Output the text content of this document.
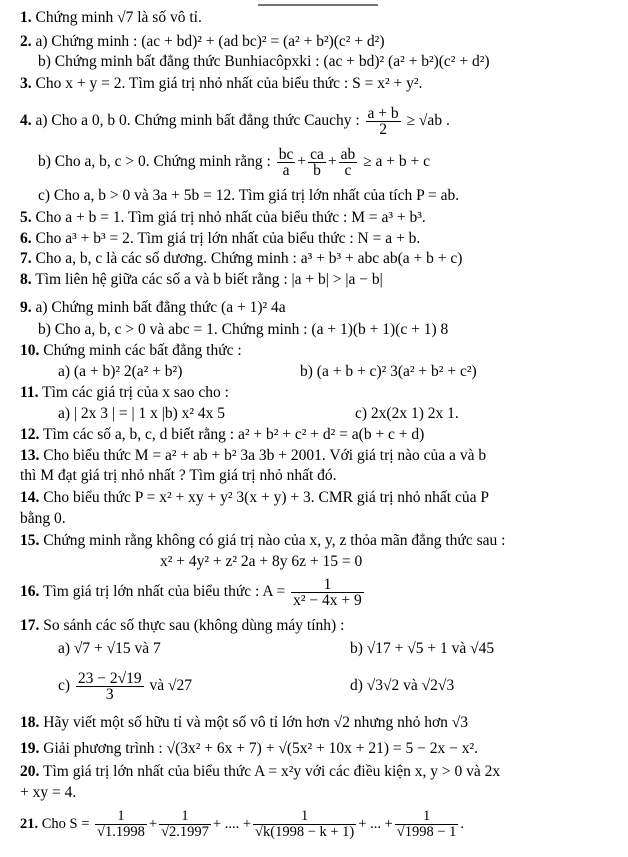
1. Chứng minh √7 là số vô tỉ.
2. a) Chứng minh : (ac + bd)² + (ad bc)² = (a² + b²)(c² + d²)
b) Chứng minh bất đẳng thức Bunhiacôpxki : (ac + bd)² (a² + b²)(c² + d²)
3. Cho x + y = 2. Tìm giá trị nhỏ nhất của biểu thức : S = x² + y².
4. a) Cho a 0, b 0. Chứng minh bất đẳng thức Cauchy : $\frac{a + b}{2} \ge √ab$ .
b) Cho a, b, c > 0. Chứng minh rằng : $\frac{bc}{a} + \frac{ca}{b} + \frac{ab}{c} \ge a + b + c$
c) Cho a, b > 0 và 3a + 5b = 12. Tìm giá trị lớn nhất của tích P = ab.
5. Cho a + b = 1. Tìm giá trị nhỏ nhất của biểu thức : M = a³ + b³.
6. Cho a³ + b³ = 2. Tìm giá trị lớn nhất của biểu thức : N = a + b.
7. Cho a, b, c là các số dương. Chứng minh : a³ + b³ + abc ab(a + b + c)
8. Tìm liên hệ giữa các số a và b biết rằng : |a + b| > |a − b|
9. a) Chứng minh bất đẳng thức (a + 1)² 4a
b) Cho a, b, c > 0 và abc = 1. Chứng minh : (a + 1)(b + 1)(c + 1) 8
10. Chứng minh các bất đẳng thức :
a) (a + b)² 2(a² + b²)	b) (a + b + c)² 3(a² + b² + c²)
11. Tìm các giá trị của x sao cho :
a) | 2x 3 | = | 1 x |b) x² 4x 5	c) 2x(2x 1) 2x 1.
12. Tìm các số a, b, c, d biết rằng : a² + b² + c² + d² = a(b + c + d)
13. Cho biểu thức M = a² + ab + b² 3a 3b + 2001. Với giá trị nào của a và b
thì M đạt giá trị nhỏ nhất ? Tìm giá trị nhỏ nhất đó.
14. Cho biểu thức P = x² + xy + y² 3(x + y) + 3. CMR giá trị nhỏ nhất của P
bằng 0.
15. Chứng minh rằng không có giá trị nào của x, y, z thỏa mãn đẳng thức sau :
x² + 4y² + z² 2a + 8y 6z + 15 = 0
16. Tìm giá trị lớn nhất của biểu thức : $A = \frac{1}{\text{x² − 4x + 9}}$
17. So sánh các số thực sau (không dùng máy tính) :
a) √7 + √15 và 7	b) √17 + √5 + 1 và √45
$c) \frac{23 - 2√19}{3}$ và √27	d) √3√2 và √2√3
18. Hãy viết một số hữu tỉ và một số vô tỉ lớn hơn √2 nhưng nhỏ hơn √3
19. Giải phương trình : √(3x² + 6x + 7) + √(5x² + 10x + 21) = 5 − 2x − x².
20. Tìm giá trị lớn nhất của biểu thức A = x²y với các điều kiện x, y > 0 và 2x
+ xy = 4.
21. Cho $S = \frac{1}{√1.1998} + \frac{1}{√2.1997}$ + .... + $\frac{1}{√k(1998 - k + 1)}$ + ... + $\frac{1}{√1998 - 1}$ .
